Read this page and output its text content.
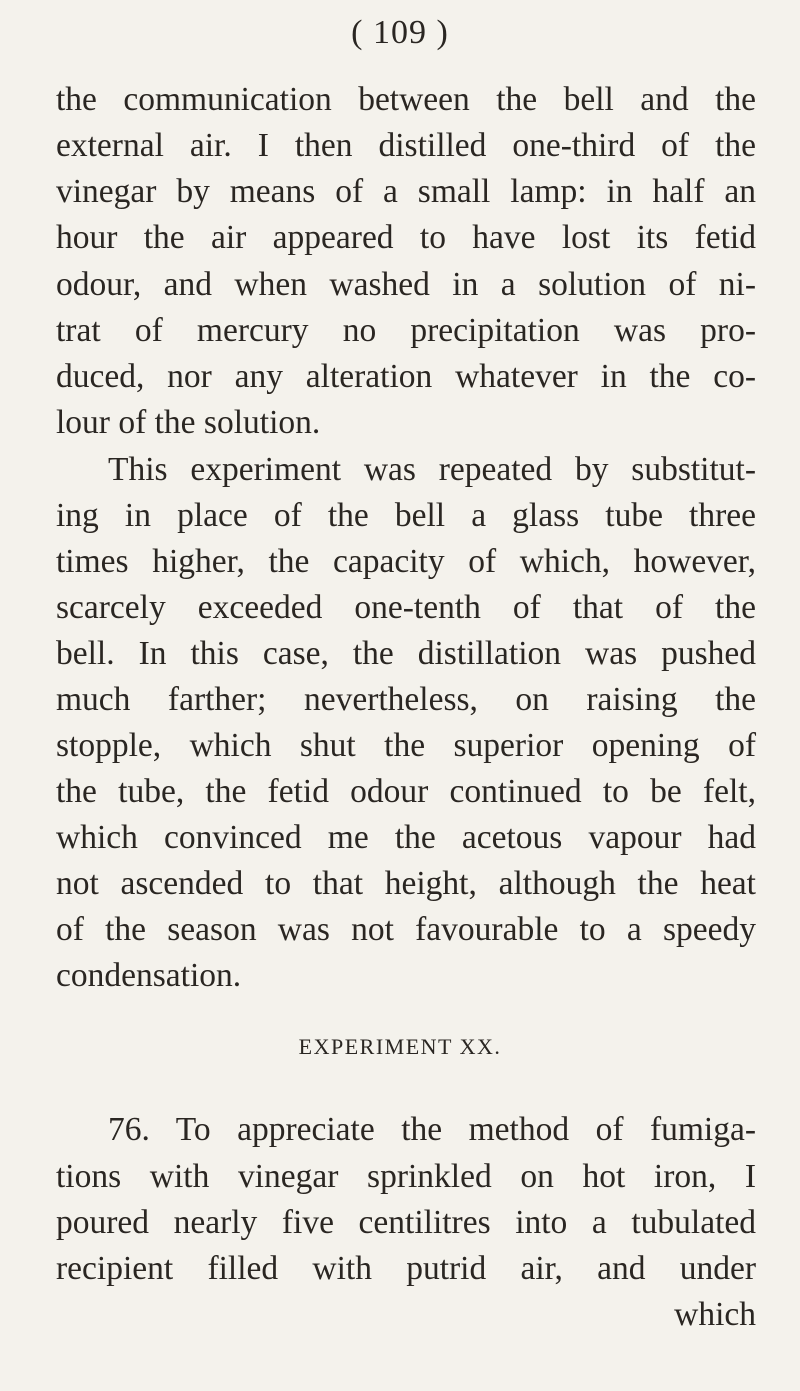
( 109 )
the communication between the bell and the
external air. I then distilled one-third of the
vinegar by means of a small lamp: in half an
hour the air appeared to have lost its fetid
odour, and when washed in a solution of ni-
trat of mercury no precipitation was pro-
duced, nor any alteration whatever in the co-
lour of the solution.
This experiment was repeated by substitut-
ing in place of the bell a glass tube three
times higher, the capacity of which, however,
scarcely exceeded one-tenth of that of the
bell. In this case, the distillation was pushed
much farther; nevertheless, on raising the
stopple, which shut the superior opening of
the tube, the fetid odour continued to be felt,
which convinced me the acetous vapour had
not ascended to that height, although the heat
of the season was not favourable to a speedy
condensation.
EXPERIMENT XX.
76. To appreciate the method of fumiga-
tions with vinegar sprinkled on hot iron, I
poured nearly five centilitres into a tubulated
recipient filled with putrid air, and under
which
